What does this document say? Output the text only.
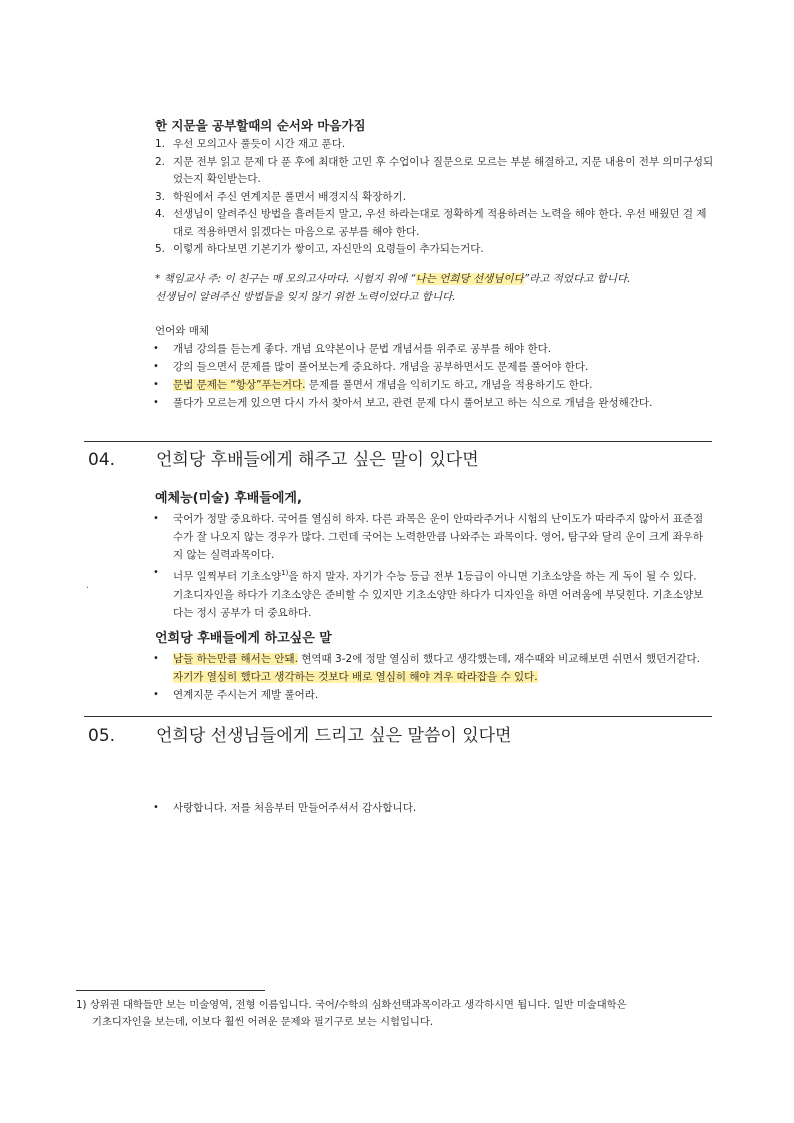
한 지문을 공부할때의 순서와 마음가짐
1. 우선 모의고사 풀듯이 시간 재고 푼다.
2. 지문 전부 읽고 문제 다 푼 후에 최대한 고민 후 수업이나 질문으로 모르는 부분 해결하고, 지문 내용이 전부 의미구성되었는지 확인받는다.
3. 학원에서 주신 연계지문 풀면서 배경지식 확장하기.
4. 선생님이 알려주신 방법을 흘려듣지 말고, 우선 하라는대로 정확하게 적용하려는 노력을 해야 한다. 우선 배웠던 걸 제대로 적용하면서 읽겠다는 마음으로 공부를 해야 한다.
5. 이렇게 하다보면 기본기가 쌓이고, 자신만의 요령들이 추가되는거다.
* 책임교사 주: 이 친구는 매 모의고사마다. 시험지 위에 “나는 언희당 선생님이다”라고 적었다고 합니다.
선생님이 알려주신 방법들을 잊지 않기 위한 노력이었다고 합니다.
언어와 매체
• 개념 강의를 듣는게 좋다. 개념 요약본이나 문법 개념서를 위주로 공부를 해야 한다.
• 강의 들으면서 문제를 많이 풀어보는게 중요하다. 개념을 공부하면서도 문제를 풀어야 한다.
• 문법 문제는 “항상”푸는거다. 문제를 풀면서 개념을 익히기도 하고, 개념을 적용하기도 한다.
• 풀다가 모르는게 있으면 다시 가서 찾아서 보고, 관련 문제 다시 풀어보고 하는 식으로 개념을 완성해간다.
04. 언희당 후배들에게 해주고 싶은 말이 있다면
예체능(미술) 후배들에게,
• 국어가 정말 중요하다. 국어를 열심히 하자. 다른 과목은 운이 안따라주거나 시험의 난이도가 따라주지 않아서 표준점수가 잘 나오지 않는 경우가 많다. 그런데 국어는 노력한만큼 나와주는 과목이다. 영어, 탐구와 달리 운이 크게 좌우하지 않는 실력과목이다.
• 너무 일찍부터 기초소양$^{1)}$을 하지 말자. 자기가 수능 등급 전부 1등급이 아니면 기초소양을 하는 게 독이 될 수 있다. 기초디자인을 하다가 기초소양은 준비할 수 있지만 기초소양만 하다가 디자인을 하면 어려움에 부딪힌다. 기초소양보다는 정시 공부가 더 중요하다.
.
언희당 후배들에게 하고싶은 말
• 남들 하는만큼 해서는 안돼. 현역때 3-2에 정말 열심히 했다고 생각했는데, 재수때와 비교해보면 쉬면서 했던거같다. 자기가 열심히 했다고 생각하는 것보다 배로 열심히 해야 겨우 따라잡을 수 있다.
• 연계지문 주시는거 제발 풀어라.
05. 언희당 선생님들에게 드리고 싶은 말씀이 있다면
• 사랑합니다. 저를 처음부터 만들어주셔서 감사합니다.
1) 상위권 대학들만 보는 미술영역, 전형 이름입니다. 국어/수학의 심화선택과목이라고 생각하시면 됩니다. 일반 미술대학은
기초디자인을 보는데, 이보다 훨씬 어려운 문제와 필기구로 보는 시험입니다.
